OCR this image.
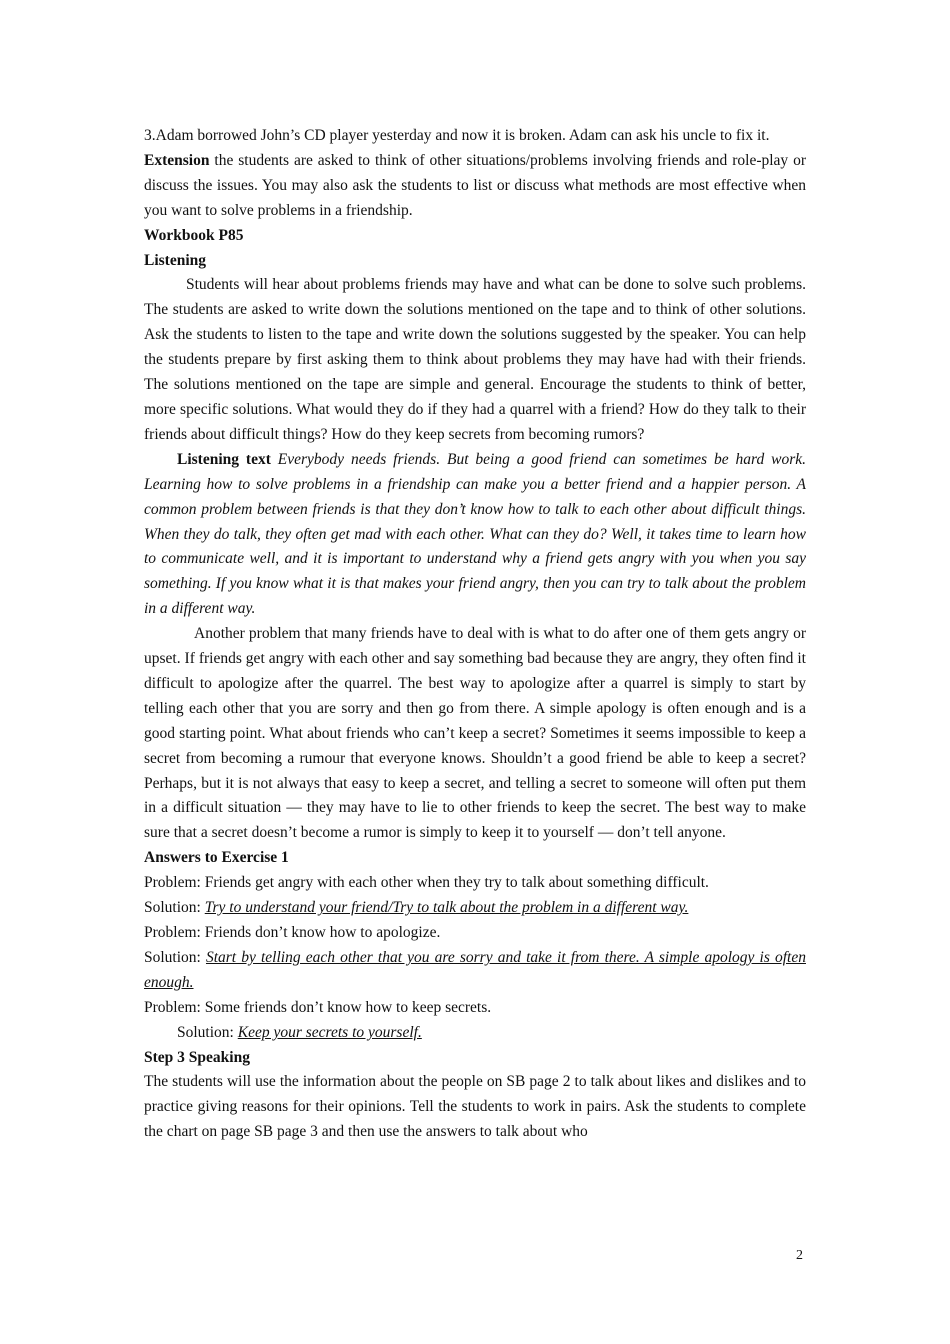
3.Adam borrowed John’s CD player yesterday and now it is broken. Adam can ask his uncle to fix it.

Extension the students are asked to think of other situations/problems involving friends and role-play or discuss the issues. You may also ask the students to list or discuss what methods are most effective when you want to solve problems in a friendship.

Workbook P85

Listening

Students will hear about problems friends may have and what can be done to solve such problems. The students are asked to write down the solutions mentioned on the tape and to think of other solutions. Ask the students to listen to the tape and write down the solutions suggested by the speaker. You can help the students prepare by first asking them to think about problems they may have had with their friends. The solutions mentioned on the tape are simple and general. Encourage the students to think of better, more specific solutions. What would they do if they had a quarrel with a friend? How do they talk to their friends about difficult things? How do they keep secrets from becoming rumors?

Listening text Everybody needs friends. But being a good friend can sometimes be hard work. Learning how to solve problems in a friendship can make you a better friend and a happier person. A common problem between friends is that they don’t know how to talk to each other about difficult things. When they do talk, they often get mad with each other. What can they do? Well, it takes time to learn how to communicate well, and it is important to understand why a friend gets angry with you when you say something. If you know what it is that makes your friend angry, then you can try to talk about the problem in a different way.

Another problem that many friends have to deal with is what to do after one of them gets angry or upset. If friends get angry with each other and say something bad because they are angry, they often find it difficult to apologize after the quarrel. The best way to apologize after a quarrel is simply to start by telling each other that you are sorry and then go from there. A simple apology is often enough and is a good starting point. What about friends who can’t keep a secret? Sometimes it seems impossible to keep a secret from becoming a rumour that everyone knows. Shouldn’t a good friend be able to keep a secret? Perhaps, but it is not always that easy to keep a secret, and telling a secret to someone will often put them in a difficult situation — they may have to lie to other friends to keep the secret. The best way to make sure that a secret doesn’t become a rumor is simply to keep it to yourself — don’t tell anyone.

Answers to Exercise 1

Problem: Friends get angry with each other when they try to talk about something difficult.

Solution: Try to understand your friend/Try to talk about the problem in a different way.

Problem: Friends don’t know how to apologize.

Solution: Start by telling each other that you are sorry and take it from there. A simple apology is often enough.

Problem: Some friends don’t know how to keep secrets.

Solution: Keep your secrets to yourself.

Step 3 Speaking

The students will use the information about the people on SB page 2 to talk about likes and dislikes and to practice giving reasons for their opinions. Tell the students to work in pairs. Ask the students to complete the chart on page SB page 3 and then use the answers to talk about who

2
